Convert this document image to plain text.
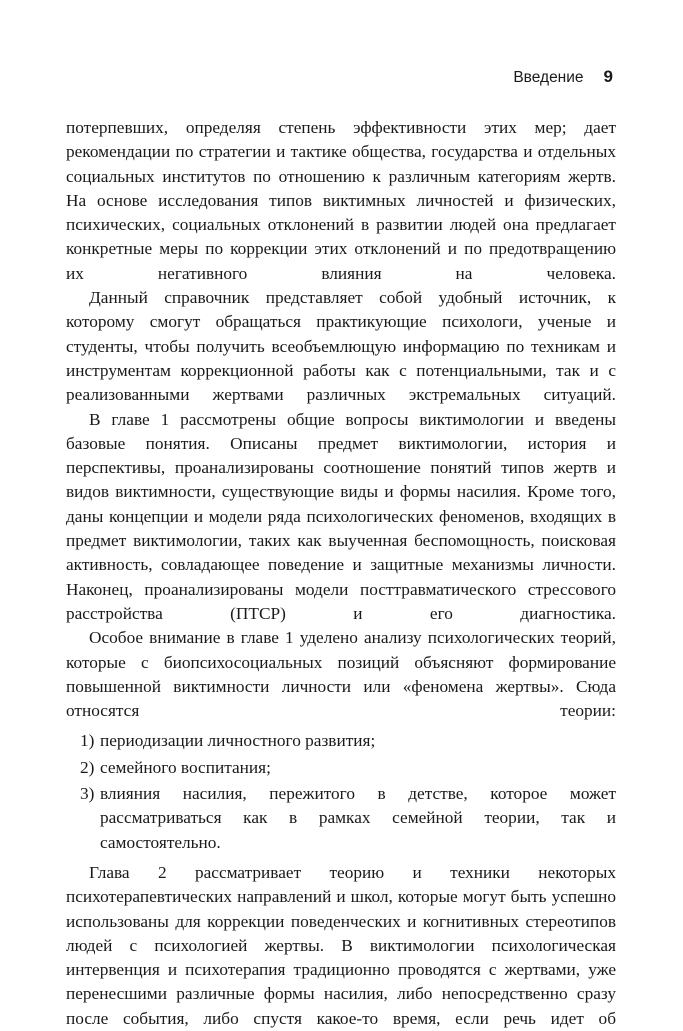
Введение 9

потерпевших, определяя степень эффективности этих мер; дает рекомендации по стратегии и тактике общества, государства и отдельных социальных институтов по отношению к различным категориям жертв. На основе исследования типов виктимных личностей и физических, психических, социальных отклонений в развитии людей она предлагает конкретные меры по коррекции этих отклонений и по предотвращению их негативного влияния на человека.

Данный справочник представляет собой удобный источник, к которому смогут обращаться практикующие психологи, ученые и студенты, чтобы получить всеобъемлющую информацию по техникам и инструментам коррекционной работы как с потенциальными, так и с реализованными жертвами различных экстремальных ситуаций.

В главе 1 рассмотрены общие вопросы виктимологии и введены базовые понятия. Описаны предмет виктимологии, история и перспективы, проанализированы соотношение понятий типов жертв и видов виктимности, существующие виды и формы насилия. Кроме того, даны концепции и модели ряда психологических феноменов, входящих в предмет виктимологии, таких как выученная беспомощность, поисковая активность, совладающее поведение и защитные механизмы личности. Наконец, проанализированы модели посттравматического стрессового расстройства (ПТСР) и его диагностика.

Особое внимание в главе 1 уделено анализу психологических теорий, которые с биопсихосоциальных позиций объясняют формирование повышенной виктимности личности или «феномена жертвы». Сюда относятся теории:

1) периодизации личностного развития;
2) семейного воспитания;
3) влияния насилия, пережитого в детстве, которое может рассматриваться как в рамках семейной теории, так и самостоятельно.

Глава 2 рассматривает теорию и техники некоторых психотерапевтических направлений и школ, которые могут быть успешно использованы для коррекции поведенческих и когнитивных стереотипов людей с психологией жертвы. В виктимологии психологическая интервенция и психотерапия традиционно проводятся с жертвами, уже перенесшими различные формы насилия, либо непосредственно сразу после события, либо спустя какое-то время, если речь идет об
